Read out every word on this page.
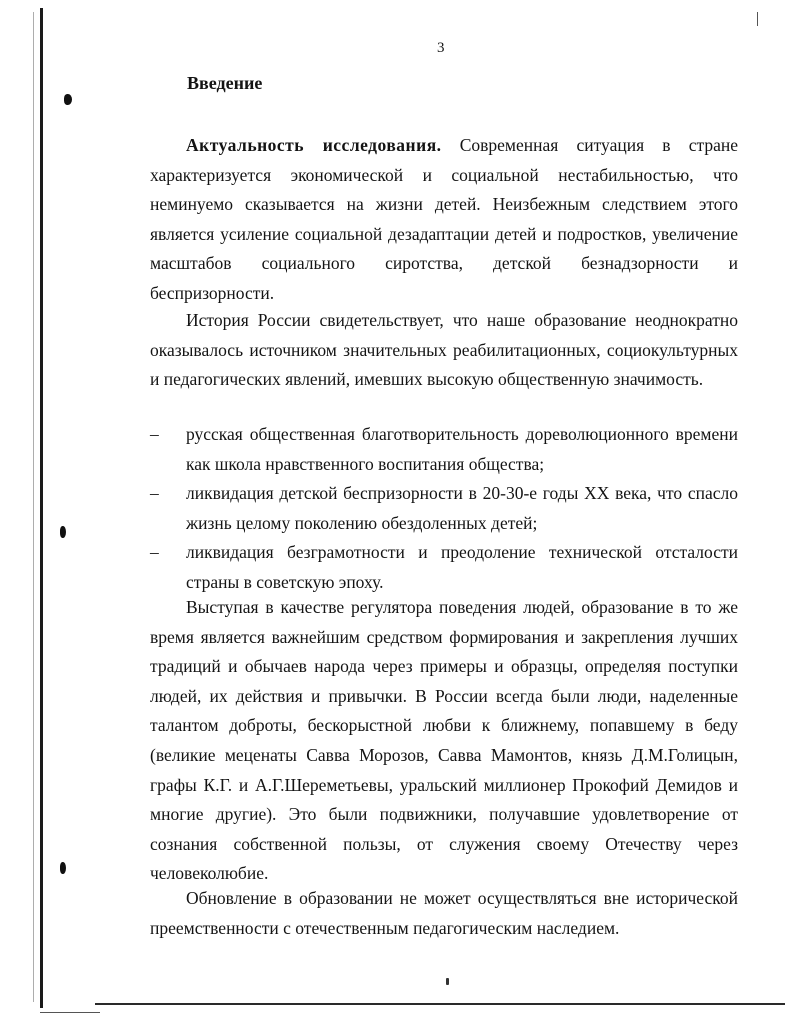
3
Введение

Актуальность исследования. Современная ситуация в стране характеризуется экономической и социальной нестабильностью, что неминуемо сказывается на жизни детей. Неизбежным следствием этого является усиление социальной дезадаптации детей и подростков, увеличение масштабов социального сиротства, детской безнадзорности и беспризорности.

История России свидетельствует, что наше образование неоднократно оказывалось источником значительных реабилитационных, социокультурных и педагогических явлений, имевших высокую общественную значимость.

– русская общественная благотворительность дореволюционного времени как школа нравственного воспитания общества;
– ликвидация детской беспризорности в 20-30-е годы XX века, что спасло жизнь целому поколению обездоленных детей;
– ликвидация безграмотности и преодоление технической отсталости страны в советскую эпоху.

Выступая в качестве регулятора поведения людей, образование в то же время является важнейшим средством формирования и закрепления лучших традиций и обычаев народа через примеры и образцы, определяя поступки людей, их действия и привычки. В России всегда были люди, наделенные талантом доброты, бескорыстной любви к ближнему, попавшему в беду (великие меценаты Савва Морозов, Савва Мамонтов, князь Д.М.Голицын, графы К.Г. и А.Г.Шереметьевы, уральский миллионер Прокофий Демидов и многие другие). Это были подвижники, получавшие удовлетворение от сознания собственной пользы, от служения своему Отечеству через человеколюбие.

Обновление в образовании не может осуществляться вне исторической преемственности с отечественным педагогическим наследием.
